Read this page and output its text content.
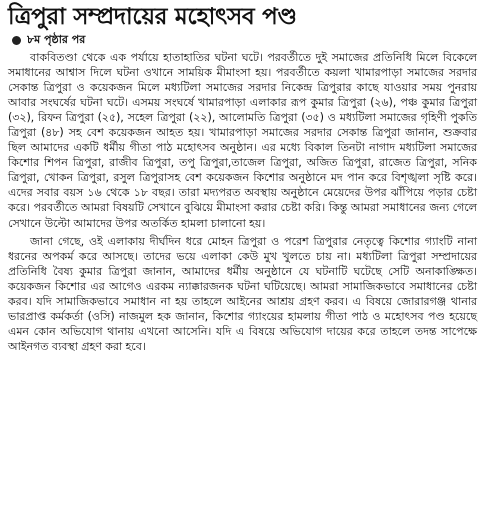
ত্রিপুরা সম্প্রদায়ের মহোৎসব পণ্ড
৮ম পৃষ্ঠার পর

বাকবিতণ্ডা থেকে এক পর্যায়ে হাতাহাতির ঘটনা ঘটে। পরবর্তীতে দুই সমাজের প্রতিনিধি মিলে বিকেলে সমাধানের আশ্বাস দিলে ঘটনা ওখানে সাময়িক মীমাংসা হয়। পরবর্তীতে কয়লা খামারপাড়া সমাজের সরদার সেকান্ত ত্রিপুরা ও কয়েকজন মিলে মধ্যটিলা সমাজের সরদার নিকেন্দ্র ত্রিপুরার কাছে যাওয়ার সময় পুনরায় আবার সংঘর্ষের ঘটনা ঘটে। এসময় সংঘর্ষে খামারপাড়া এলাকার রূপ কুমার ত্রিপুরা (২৬), পঞ্চ কুমার ত্রিপুরা (৩২), রিফন ত্রিপুরা (২৫), সহেল ত্রিপুরা (২২), আলোমতি ত্রিপুরা (৩৫) ও মধ্যটিলা সমাজের গৃহিণী পুকতি ত্রিপুরা (৪৮) সহ বেশ কয়েকজন আহত হয়। খামারপাড়া সমাজের সরদার সেকান্ত ত্রিপুরা জানান, শুক্রবার ছিল আমাদের একটি ধর্মীয় গীতা পাঠ মহোৎসব অনুষ্ঠান। এর মধ্যে বিকাল তিনটা নাগাদ মধ্যটিলা সমাজের কিশোর শিপন ত্রিপুরা, রাজীব ত্রিপুরা, তপু ত্রিপুরা,তাজেল ত্রিপুরা, অজিত ত্রিপুরা, রাজেত ত্রিপুরা, সনিক ত্রিপুরা, খোকন ত্রিপুরা, রসুল ত্রিপুরাসহ বেশ কয়েকজন কিশোর অনুষ্ঠানে মদ পান করে বিশৃঙ্খলা সৃষ্টি করে। এদের সবার বয়স ১৬ থেকে ১৮ বছর। তারা মদ্যপরত অবস্থায় অনুষ্ঠানে মেয়েদের উপর ঝাঁপিয়ে পড়ার চেষ্টা করে। পরবর্তীতে আমরা বিষয়টি সেখানে বুঝিয়ে মীমাংসা করার চেষ্টা করি। কিন্তু আমরা সমাধানের জন্য গেলে সেখানে উল্টো আমাদের উপর অতর্কিত হামলা চালানো হয়।

জানা গেছে, ওই এলাকায় দীর্ঘদিন ধরে মোহন ত্রিপুরা ও পরেশ ত্রিপুরার নেতৃত্বে কিশোর গ্যাংটি নানা ধরনের অপকর্ম করে আসছে। তাদের ভয়ে এলাকা কেউ মুখ খুলতে চায় না। মধ্যটিলা ত্রিপুরা সম্প্রদায়ের প্রতিনিধি বৈষ্য কুমার ত্রিপুরা জানান, আমাদের ধর্মীয় অনুষ্ঠানে যে ঘটনাটি ঘটেছে সেটি অনাকাঙ্ক্ষিত। কয়েকজন কিশোর এর আগেও এরকম ন্যাক্কারজনক ঘটনা ঘটিয়েছে। আমরা সামাজিকভাবে সমাধানের চেষ্টা করব। যদি সামাজিকভাবে সমাধান না হয় তাহলে আইনের আশ্রয় গ্রহণ করব। এ বিষয়ে জোরারগঞ্জ থানার ভারপ্রাপ্ত কর্মকর্তা (ওসি) নাজমুল হক জানান, কিশোর গ্যাংয়ের হামলায় গীতা পাঠ ও মহোৎসব পণ্ড হয়েছে এমন কোন অভিযোগ থানায় এখনো আসেনি। যদি এ বিষয়ে অভিযোগ দায়ের করে তাহলে তদন্ত সাপেক্ষে আইনগত ব্যবস্থা গ্রহণ করা হবে।
